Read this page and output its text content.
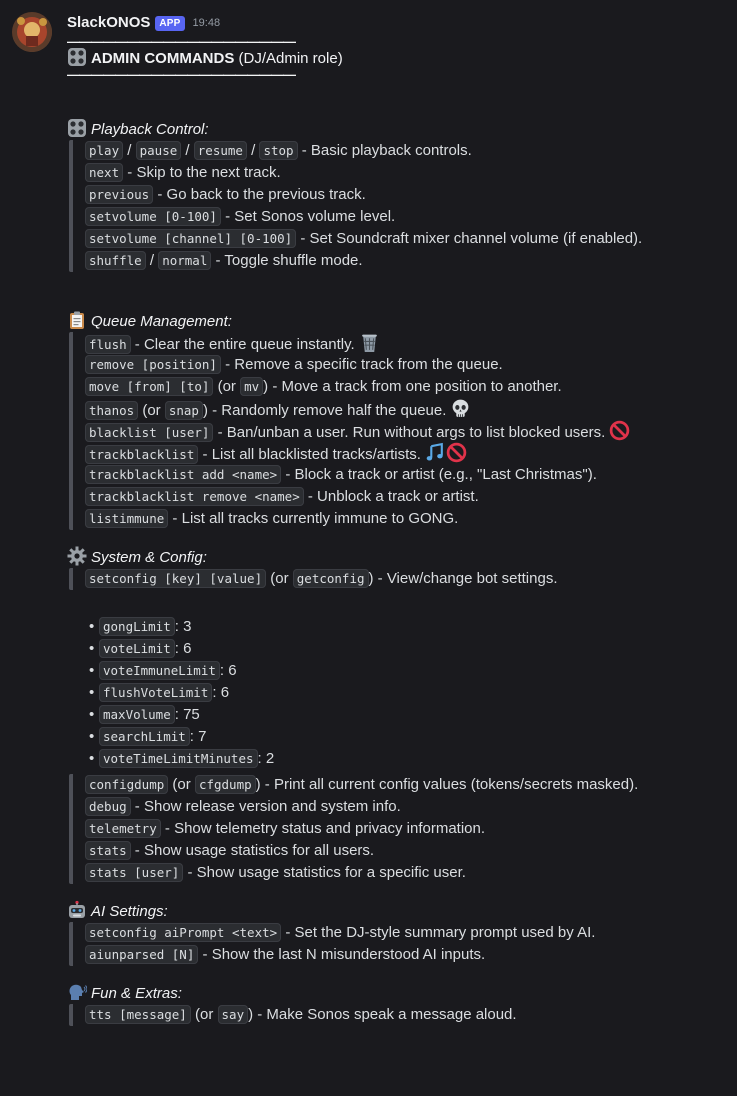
SlackONOS APP	19:48
———————————————————
ADMIN COMMANDS (DJ/Admin role)
———————————————————
Playback Control:
play / pause / resume / stop - Basic playback controls.
next - Skip to the next track.
previous - Go back to the previous track.
setvolume [0-100] - Set Sonos volume level.
setvolume [channel] [0-100] - Set Soundcraft mixer channel volume (if enabled).
shuffle / normal - Toggle shuffle mode.
Queue Management:
flush - Clear the entire queue instantly.
remove [position] - Remove a specific track from the queue.
move [from] [to] (or mv ) - Move a track from one position to another.
thanos (or snap ) - Randomly remove half the queue.
blacklist [user] - Ban/unban a user. Run without args to list blocked users.
trackblacklist - List all blacklisted tracks/artists.
trackblacklist add <name> - Block a track or artist (e.g., "Last Christmas").
trackblacklist remove <name> - Unblock a track or artist.
listimmune - List all tracks currently immune to GONG.
System & Config:
setconfig [key] [value] (or getconfig ) - View/change bot settings.
• gongLimit : 3
• voteLimit : 6
• voteImmuneLimit : 6
• flushVoteLimit : 6
• maxVolume : 75
• searchLimit : 7
• voteTimeLimitMinutes : 2
configdump (or cfgdump ) - Print all current config values (tokens/secrets masked).
debug - Show release version and system info.
telemetry - Show telemetry status and privacy information.
stats - Show usage statistics for all users.
stats [user] - Show usage statistics for a specific user.
AI Settings:
setconfig aiPrompt <text> - Set the DJ-style summary prompt used by AI.
aiunparsed [N] - Show the last N misunderstood AI inputs.
Fun & Extras:
tts [message] (or say ) - Make Sonos speak a message aloud.
